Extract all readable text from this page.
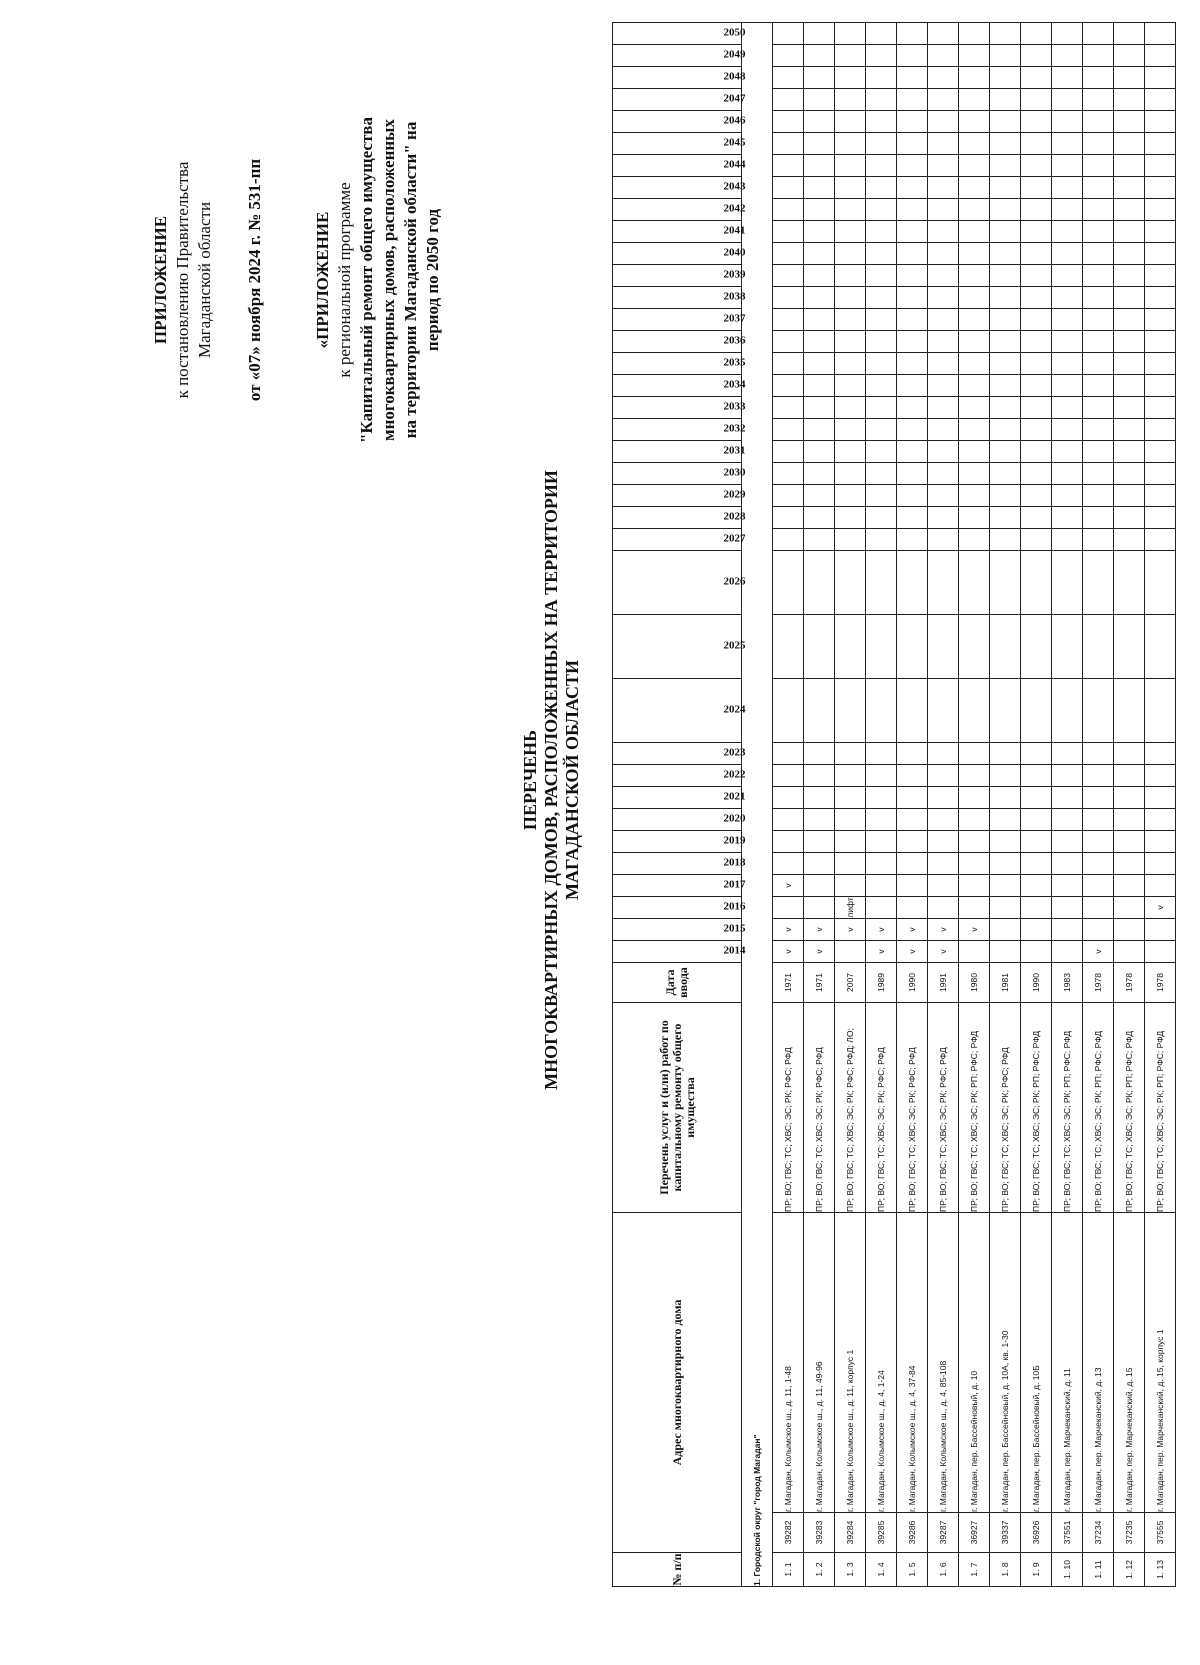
ПРИЛОЖЕНИЕ к постановлению Правительства Магаданской области от «07» ноября 2024 г. № 531-пп	«ПРИЛОЖЕНИЕ к региональной программе "Капитальный ремонт общего имущества многоквартирных домов, расположенных на территории Магаданской области" на период по 2050 год
ПЕРЕЧЕНЬ МНОГОКВАРТИРНЫХ ДОМОВ, РАСПОЛОЖЕННЫХ НА ТЕРРИТОРИИ МАГАДАНСКОЙ ОБЛАСТИ
№ п/п	Адрес многоквартирного дома		Перечень услуг и (или) работ по капитальному ремонту общего имущества	Дата ввода	2014	2015	2016	2017	2018	2019	2020	2021	2022	2023	2024	2025	2026	2027	2028	2029	2030	2031	2032	2033	2034	2035	2036	2037	2038	2039	2040	2041	2042	2043	2044	2045	2046	2047	2048	2049	2050
1. Городской округ "город Магадан"																																									
1. 1	39282	г. Магадан, Колымское ш., д. 11, 1-48	ПР; ВО; ГВС; ТС; ХВС; ЭС; РК; РФС; РФД	1971	v	v		v																																	
1. 2	39283	г. Магадан, Колымское ш., д. 11, 49-96	ПР; ВО; ГВС; ТС; ХВС; ЭС; РК; РФС; РФД	1971	v	v																																			
1. 3	39284	г. Магадан, Колымское ш., д. 11, корпус 1	ПР; ВО; ГВС; ТС; ХВС; ЭС; РК; РФС; РФД; ЛО;	2007		v	лифт																																		
1. 4	39285	г. Магадан, Колымское ш., д. 4, 1-24	ПР; ВО; ГВС; ТС; ХВС; ЭС; РК; РФС; РФД	1989	v	v																																			
1. 5	39286	г. Магадан, Колымское ш., д. 4, 37-84	ПР; ВО; ГВС; ТС; ХВС; ЭС; РК; РФС; РФД	1990	v	v																																			
1. 6	39287	г. Магадан, Колымское ш., д. 4, 85-108	ПР; ВО; ГВС; ТС; ХВС; ЭС; РК; РФС; РФД	1991	v	v																																			
1. 7	36927	г. Магадан, пер. Бассейновый, д. 10	ПР; ВО; ГВС; ТС; ХВС; ЭС; РК; РП; РФС; РФД	1980		v																																			
1. 8	39337	г. Магадан, пер. Бассейновый, д. 10А, кв. 1-30	ПР; ВО; ГВС; ТС; ХВС; ЭС; РК; РФС; РФД	1981																																					
1. 9	36926	г. Магадан, пер. Бассейновый, д. 10Б	ПР; ВО; ГВС; ТС; ХВС; ЭС; РК; РП; РФС; РФД	1990																																					
1. 10	37551	г. Магадан, пер. Марчеканский, д. 11	ПР; ВО; ГВС; ТС; ХВС; ЭС; РК; РП; РФС; РФД	1983																																					
1. 11	37234	г. Магадан, пер. Марчеканский, д. 13	ПР; ВО; ГВС; ТС; ХВС; ЭС; РК; РП; РФС; РФД	1978	v																																				
1. 12	37235	г. Магадан, пер. Марчеканский, д. 15	ПР; ВО; ГВС; ТС; ХВС; ЭС; РК; РП; РФС; РФД	1978																																					
1. 13	37555	г. Магадан, пер. Марчеканский, д. 15, корпус 1	ПР; ВО; ГВС; ТС; ХВС; ЭС; РК; РП; РФС; РФД	1978			v																																		
